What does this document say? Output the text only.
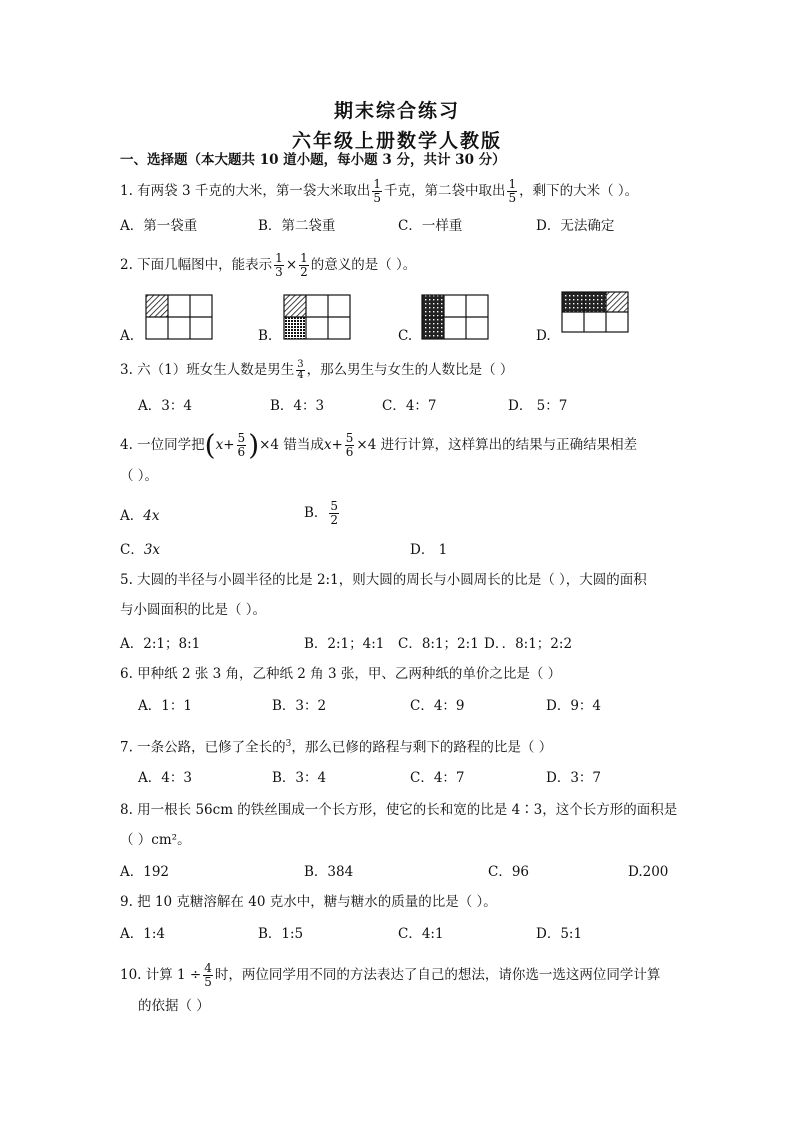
期末综合练习
六年级上册数学人教版
一、选择题（本大题共 10 道小题，每小题 3 分，共计 30 分）
1. 有两袋 3 千克的大米，第一袋大米取出 $\frac{1}{5}$ 千克，第二袋中取出 $\frac{1}{5}$ ，剩下的大米（ ）。
A．第一袋重	B．第二袋重	C．一样重	D．无法确定
2. 下面几幅图中，能表示 $\frac{1}{3} \times \frac{1}{2}$ 的意义的是（ ）。
A.	B.	C.	D.
3. 六（1）班女生人数是男生 $\frac{3}{4}$ ，那么男生与女生的人数比是（ ）
A．3：4	B．4：3	C．4：7	D． 5：7
4. 一位同学把$(x+ \frac{5}{6} )\times 4$ 错当成$x+ \frac{5}{6} \times 4$ 进行计算，这样算出的结果与正确结果相差
（ ）。
A．4x	B． $\frac{5}{2}$
C．3x	D． 1
5. 大圆的半径与小圆半径的比是 2:1，则大圆的周长与小圆周长的比是（ ），大圆的面积
与小圆面积的比是（ ）。
A．2:1；8:1	B．2:1；4:1 C．8:1；2:1 D．．8:1；2:2
6. 甲种纸 2 张 3 角，乙种纸 2 角 3 张，甲、乙两种纸的单价之比是（ ）
A．1：1	B．3：2	C．4：9	D．9：4
7. 一条公路，已修了全长的$^3$，那么已修的路程与剩下的路程的比是（ ）
A．4：3	B．3：4	C．4：7	D．3：7
8. 用一根长 56cm 的铁丝围成一个长方形，使它的长和宽的比是 4∶3，这个长方形的面积是
（ ）cm²。
A．192	B．384	C．96	D.200
9. 把 10 克糖溶解在 40 克水中，糖与糖水的质量的比是（ ）。
A．1:4	B．1:5	C．4:1	D．5:1
10. 计算 $1 \div \frac{4}{5}$ 时，两位同学用不同的方法表达了自己的想法，请你选一选这两位同学计算
的依据（ ）
